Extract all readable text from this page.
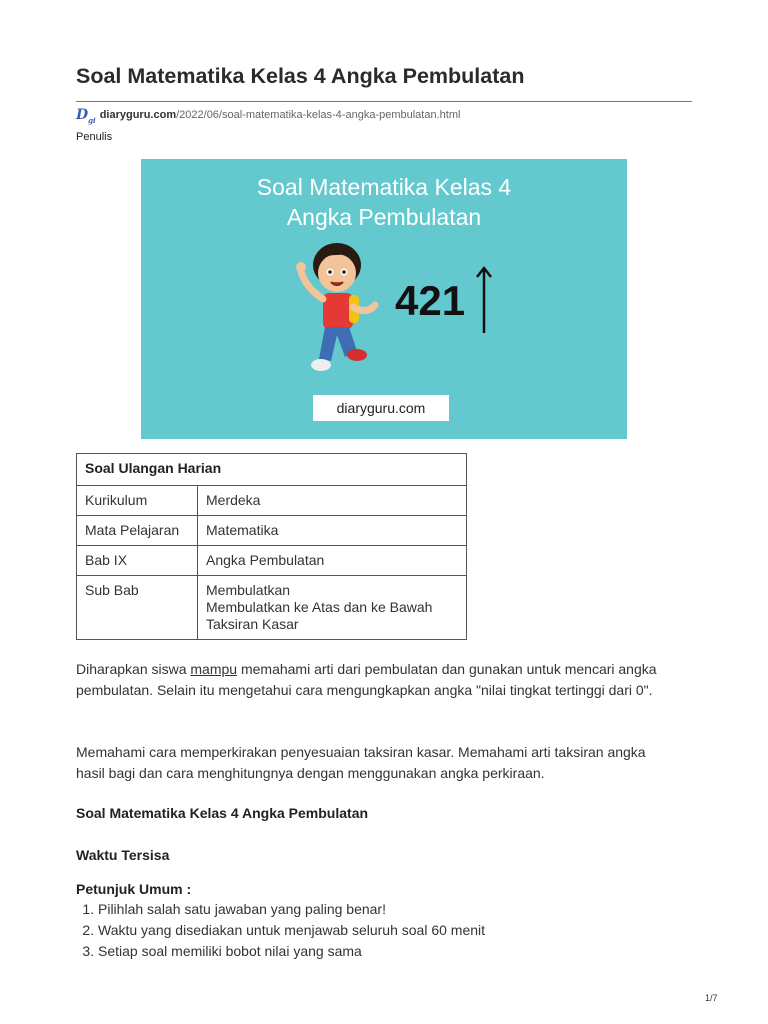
Soal Matematika Kelas 4 Angka Pembulatan
$D_{gi}$ diaryguru.com/2022/06/soal-matematika-kelas-4-angka-pembulatan.html
Penulis
Soal Matematika Kelas 4
Angka Pembulatan
421
diaryguru.com
Soal Ulangan Harian	
Kurikulum	Merdeka
Mata Pelajaran	Matematika
Bab IX	Angka Pembulatan
Sub Bab	Membulatkan
Membulatkan ke Atas dan ke Bawah
Taksiran Kasar

Diharapkan siswa mampu memahami arti dari pembulatan dan gunakan untuk mencari angka pembulatan. Selain itu mengetahui cara mengungkapkan angka "nilai tingkat tertinggi dari 0".

Memahami cara memperkirakan penyesuaian taksiran kasar. Memahami arti taksiran angka hasil bagi dan cara menghitungnya dengan menggunakan angka perkiraan.

Soal Matematika Kelas 4 Angka Pembulatan
Waktu Tersisa
Petunjuk Umum :
1. Pilihlah salah satu jawaban yang paling benar!
2. Waktu yang disediakan untuk menjawab seluruh soal 60 menit
3. Setiap soal memiliki bobot nilai yang sama
1/7
